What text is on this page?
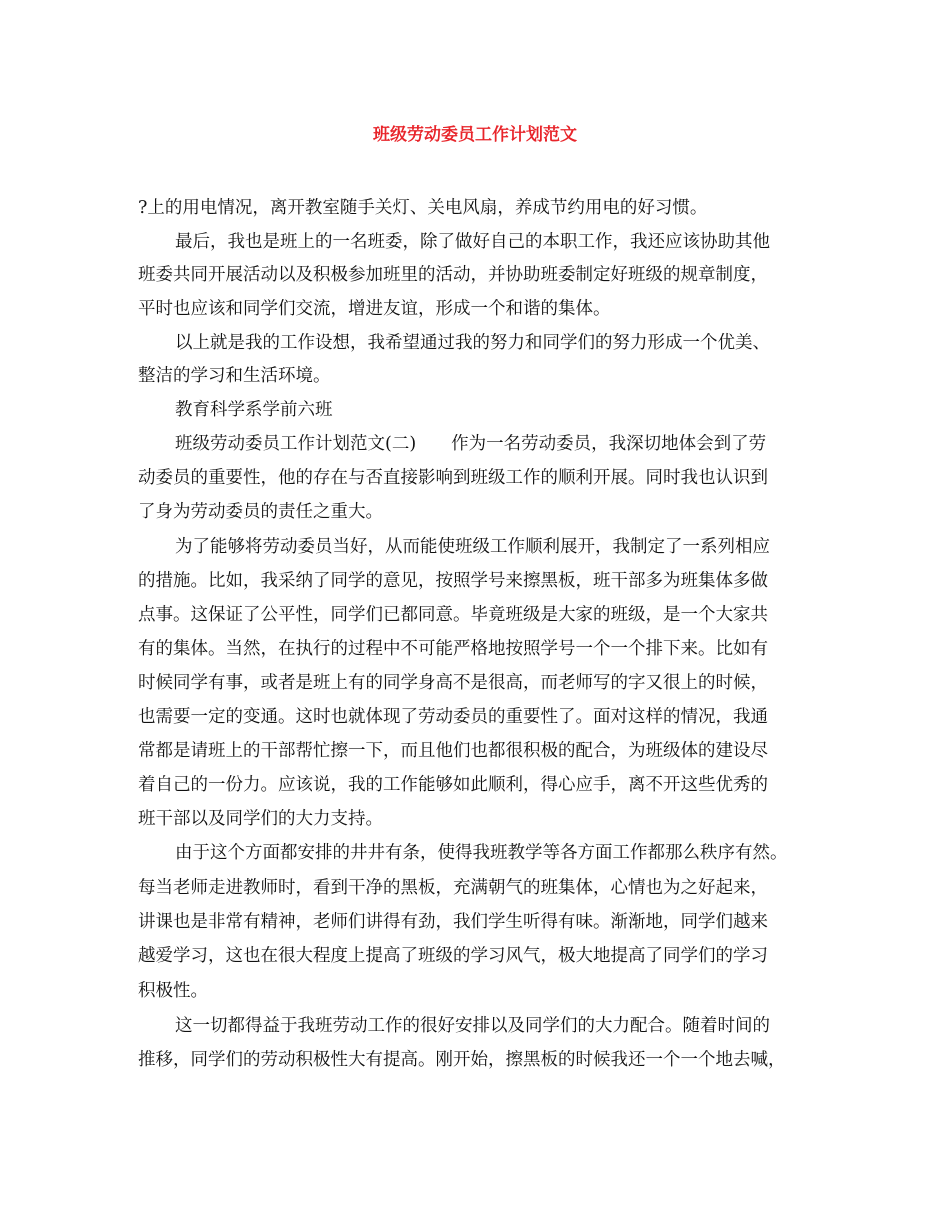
班级劳动委员工作计划范文
?上的用电情况，离开教室随手关灯、关电风扇，养成节约用电的好习惯。
最后，我也是班上的一名班委，除了做好自己的本职工作，我还应该协助其他
班委共同开展活动以及积极参加班里的活动，并协助班委制定好班级的规章制度，
平时也应该和同学们交流，增进友谊，形成一个和谐的集体。
以上就是我的工作设想，我希望通过我的努力和同学们的努力形成一个优美、
整洁的学习和生活环境。
教育科学系学前六班
班级劳动委员工作计划范文(二)　　作为一名劳动委员，我深切地体会到了劳
动委员的重要性，他的存在与否直接影响到班级工作的顺利开展。同时我也认识到
了身为劳动委员的责任之重大。
为了能够将劳动委员当好，从而能使班级工作顺利展开，我制定了一系列相应
的措施。比如，我采纳了同学的意见，按照学号来擦黑板，班干部多为班集体多做
点事。这保证了公平性，同学们已都同意。毕竟班级是大家的班级，是一个大家共
有的集体。当然，在执行的过程中不可能严格地按照学号一个一个排下来。比如有
时候同学有事，或者是班上有的同学身高不是很高，而老师写的字又很上的时候，
也需要一定的变通。这时也就体现了劳动委员的重要性了。面对这样的情况，我通
常都是请班上的干部帮忙擦一下，而且他们也都很积极的配合，为班级体的建设尽
着自己的一份力。应该说，我的工作能够如此顺利，得心应手，离不开这些优秀的
班干部以及同学们的大力支持。
由于这个方面都安排的井井有条，使得我班教学等各方面工作都那么秩序有然。
每当老师走进教师时，看到干净的黑板，充满朝气的班集体，心情也为之好起来，
讲课也是非常有精神，老师们讲得有劲，我们学生听得有味。渐渐地，同学们越来
越爱学习，这也在很大程度上提高了班级的学习风气，极大地提高了同学们的学习
积极性。
这一切都得益于我班劳动工作的很好安排以及同学们的大力配合。随着时间的
推移，同学们的劳动积极性大有提高。刚开始，擦黑板的时候我还一个一个地去喊，
